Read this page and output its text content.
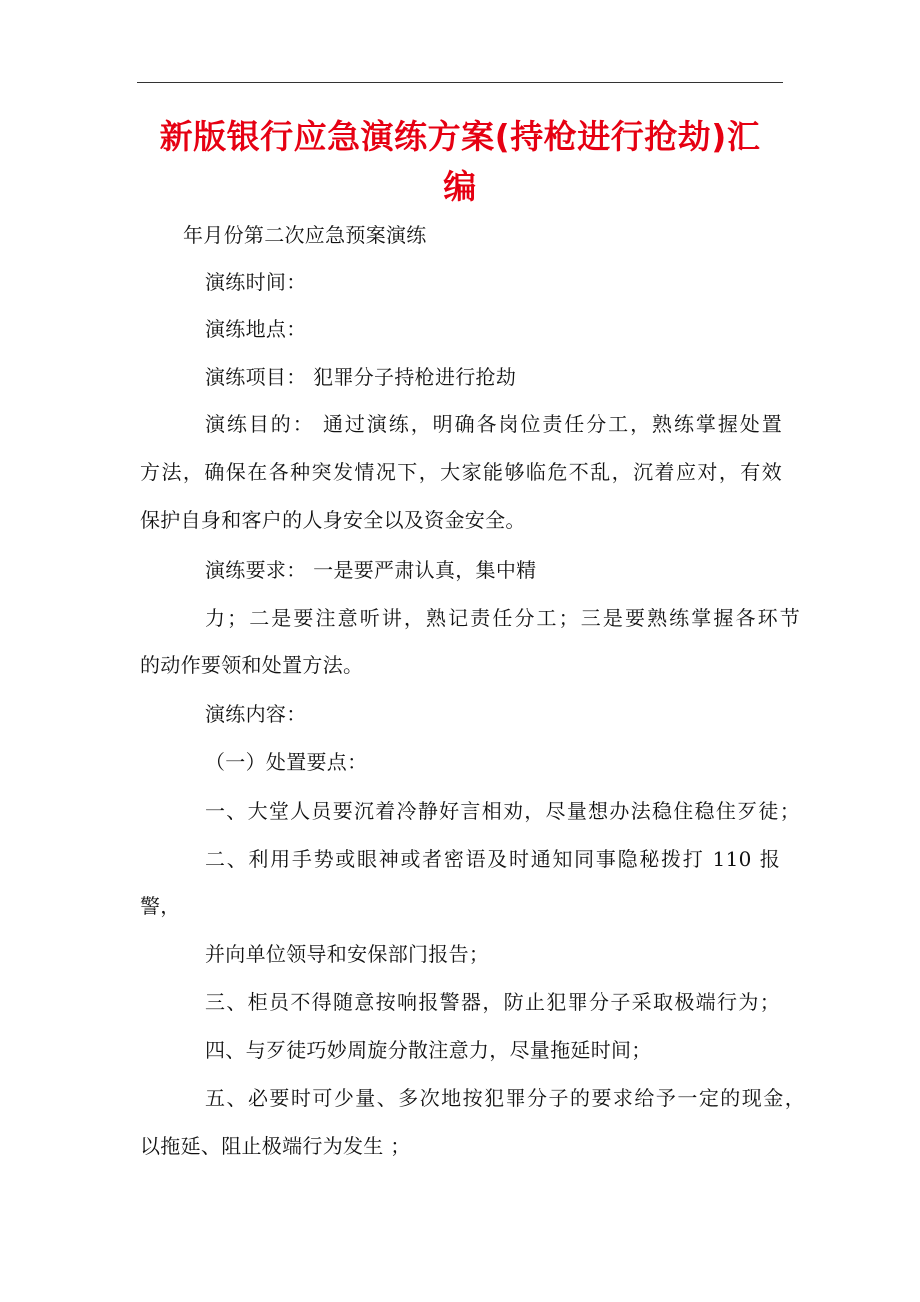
新版银行应急演练方案(持枪进行抢劫)汇
编
年月份第二次应急预案演练
演练时间：
演练地点：
演练项目： 犯罪分子持枪进行抢劫
演练目的： 通过演练，明确各岗位责任分工，熟练掌握处置
方法，确保在各种突发情况下，大家能够临危不乱，沉着应对，有效
保护自身和客户的人身安全以及资金安全。
演练要求： 一是要严肃认真，集中精
力；二是要注意听讲，熟记责任分工；三是要熟练掌握各环节
的动作要领和处置方法。
演练内容：
（一）处置要点：
一、大堂人员要沉着冷静好言相劝，尽量想办法稳住稳住歹徒；
二、利用手势或眼神或者密语及时通知同事隐秘拨打 110 报
警，
并向单位领导和安保部门报告；
三、柜员不得随意按响报警器，防止犯罪分子采取极端行为；
四、与歹徒巧妙周旋分散注意力，尽量拖延时间；
五、必要时可少量、多次地按犯罪分子的要求给予一定的现金，
以拖延、阻止极端行为发生 ；
